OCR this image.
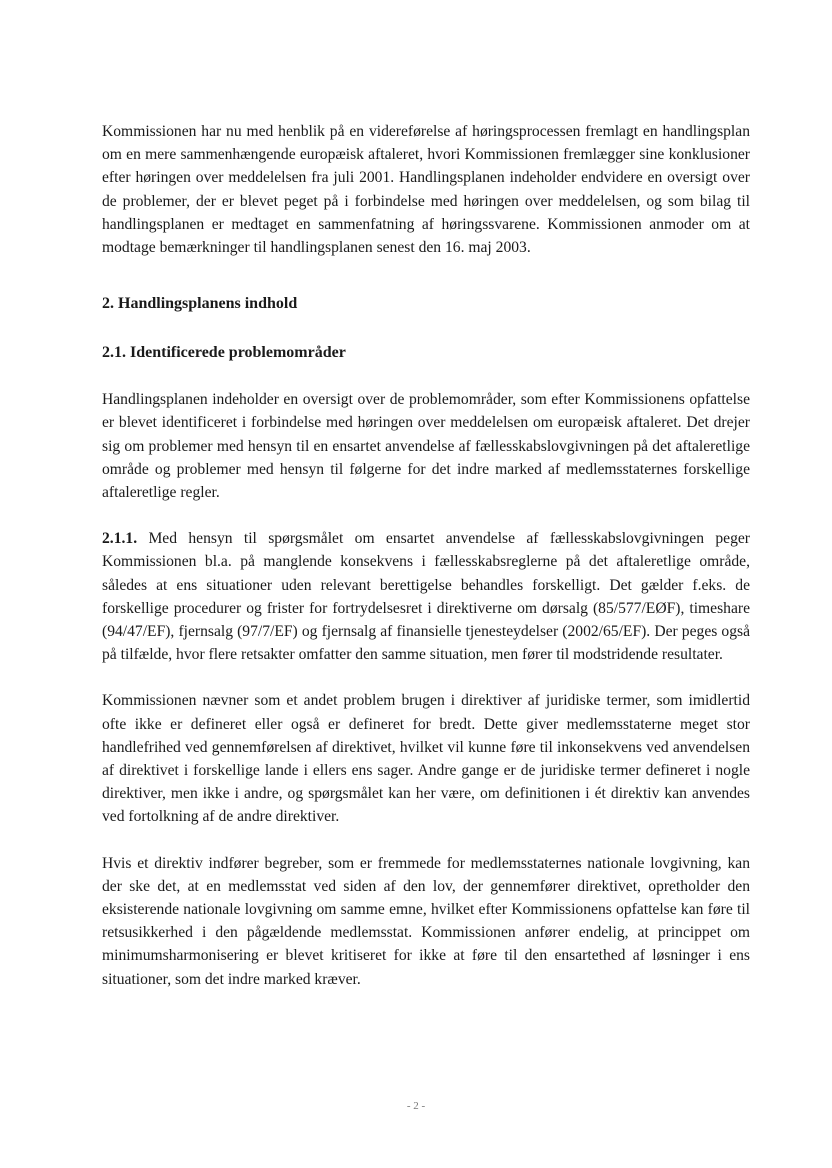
Kommissionen har nu med henblik på en videreførelse af høringsprocessen fremlagt en handlingsplan om en mere sammenhængende europæisk aftaleret, hvori Kommissionen fremlægger sine konklusioner efter høringen over meddelelsen fra juli 2001. Handlingsplanen indeholder endvidere en oversigt over de problemer, der er blevet peget på i forbindelse med høringen over meddelelsen, og som bilag til handlingsplanen er medtaget en sammenfatning af høringssvarene. Kommissionen anmoder om at modtage bemærkninger til handlingsplanen senest den 16. maj 2003.

2. Handlingsplanens indhold
2.1. Identificerede problemområder

Handlingsplanen indeholder en oversigt over de problemområder, som efter Kommissionens opfattelse er blevet identificeret i forbindelse med høringen over meddelelsen om europæisk aftaleret. Det drejer sig om problemer med hensyn til en ensartet anvendelse af fællesskabslovgivningen på det aftaleretlige område og problemer med hensyn til følgerne for det indre marked af medlemsstaternes forskellige aftaleretlige regler.

2.1.1. Med hensyn til spørgsmålet om ensartet anvendelse af fællesskabslovgivningen peger Kommissionen bl.a. på manglende konsekvens i fællesskabsreglerne på det aftaleretlige område, således at ens situationer uden relevant berettigelse behandles forskelligt. Det gælder f.eks. de forskellige procedurer og frister for fortrydelsesret i direktiverne om dørsalg (85/577/EØF), timeshare (94/47/EF), fjernsalg (97/7/EF) og fjernsalg af finansielle tjenesteydelser (2002/65/EF). Der peges også på tilfælde, hvor flere retsakter omfatter den samme situation, men fører til modstridende resultater.

Kommissionen nævner som et andet problem brugen i direktiver af juridiske termer, som imidlertid ofte ikke er defineret eller også er defineret for bredt. Dette giver medlemsstaterne meget stor handlefrihed ved gennemførelsen af direktivet, hvilket vil kunne føre til inkonsekvens ved anvendelsen af direktivet i forskellige lande i ellers ens sager. Andre gange er de juridiske termer defineret i nogle direktiver, men ikke i andre, og spørgsmålet kan her være, om definitionen i ét direktiv kan anvendes ved fortolkning af de andre direktiver.

Hvis et direktiv indfører begreber, som er fremmede for medlemsstaternes nationale lovgivning, kan der ske det, at en medlemsstat ved siden af den lov, der gennemfører direktivet, opretholder den eksisterende nationale lovgivning om samme emne, hvilket efter Kommissionens opfattelse kan føre til retsusikkerhed i den pågældende medlemsstat. Kommissionen anfører endelig, at princippet om minimumsharmonisering er blevet kritiseret for ikke at føre til den ensartethed af løsninger i ens situationer, som det indre marked kræver.

- 2 -
